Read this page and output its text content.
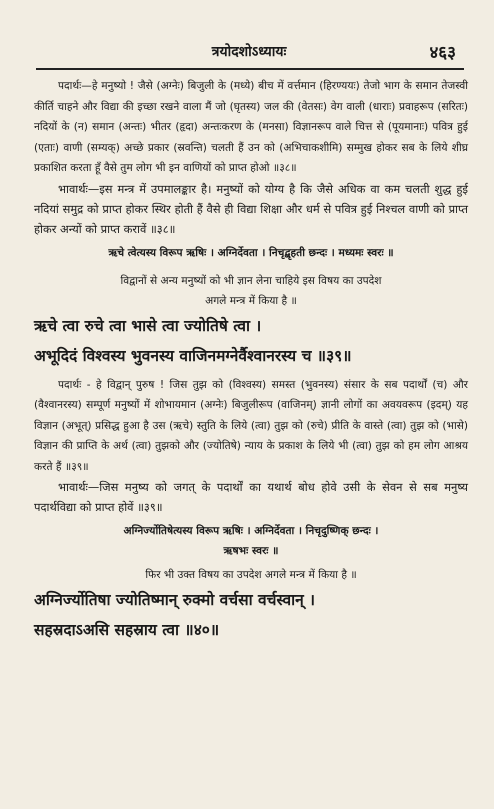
त्रयोदशोऽध्यायः	४६३

पदार्थः—हे मनुष्यो ! जैसे (अग्नेः) बिजुली के (मध्ये) बीच में वर्त्तमान (हिरण्ययः) तेजो भाग के समान तेजस्वी कीर्ति चाहने और विद्या की इच्छा रखने वाला मैं जो (घृतस्य) जल की (वेतसः) वेग वाली (धाराः) प्रवाहरूप (सरितः) नदियों के (न) समान (अन्तः) भीतर (हृदा) अन्तःकरण के (मनसा) विज्ञानरूप वाले चित्त से (पूयमानाः) पवित्र हुई (एताः) वाणी (सम्यक्) अच्छे प्रकार (स्रवन्ति) चलती हैं उन को (अभिचाकशीमि) सम्मुख होकर सब के लिये शीघ्र प्रकाशित करता हूँ वैसे तुम लोग भी इन वाणियों को प्राप्त होओ ॥३८॥

भावार्थः—इस मन्त्र में उपमालङ्कार है। मनुष्यों को योग्य है कि जैसे अधिक वा कम चलती शुद्ध हुई नदियां समुद्र को प्राप्त होकर स्थिर होती हैं वैसे ही विद्या शिक्षा और धर्म से पवित्र हुई निश्चल वाणी को प्राप्त होकर अन्यों को प्राप्त करावें ॥३८॥

ऋचे त्वेत्यस्य विरूप ऋषिः । अग्निर्देवता । निचृद्बृहती छन्दः । मध्यमः स्वरः ॥

विद्वानों से अन्य मनुष्यों को भी ज्ञान लेना चाहिये इस विषय का उपदेश

अगले मन्त्र में किया है ॥

ऋचे त्वा रुचे त्वा भासे त्वा ज्योतिषे त्वा ।

अभूदिदं विश्वस्य भुवनस्य वाजिनमग्नेर्वैश्वानरस्य च ॥३९॥

पदार्थः - हे विद्वान् पुरुष ! जिस तुझ को (विश्वस्य) समस्त (भुवनस्य) संसार के सब पदार्थों (च) और (वैश्वानरस्य) सम्पूर्ण मनुष्यों में शोभायमान (अग्नेः) बिजुलीरूप (वाजिनम्) ज्ञानी लोगों का अवयवरूप (इदम्) यह विज्ञान (अभूत्) प्रसिद्ध हुआ है उस (ऋचे) स्तुति के लिये (त्वा) तुझ को (रुचे) प्रीति के वास्ते (त्वा) तुझ को (भासे) विज्ञान की प्राप्ति के अर्थ (त्वा) तुझको और (ज्योतिषे) न्याय के प्रकाश के लिये भी (त्वा) तुझ को हम लोग आश्रय करते हैं ॥३९॥

भावार्थः—जिस मनुष्य को जगत् के पदार्थों का यथार्थ बोध होवे उसी के सेवन से सब मनुष्य पदार्थविद्या को प्राप्त होवें ॥३९॥

अग्निर्ज्योतिषेत्यस्य विरूप ऋषिः । अग्निर्देवता । निचृदुष्णिक् छन्दः ।

ऋषभः स्वरः ॥

फिर भी उक्त विषय का उपदेश अगले मन्त्र में किया है ॥

अग्निर्ज्योतिषा ज्योतिष्मान् रुक्मो वर्चसा वर्चस्वान् ।

सहस्रदाऽअसि सहस्राय त्वा ॥४०॥
